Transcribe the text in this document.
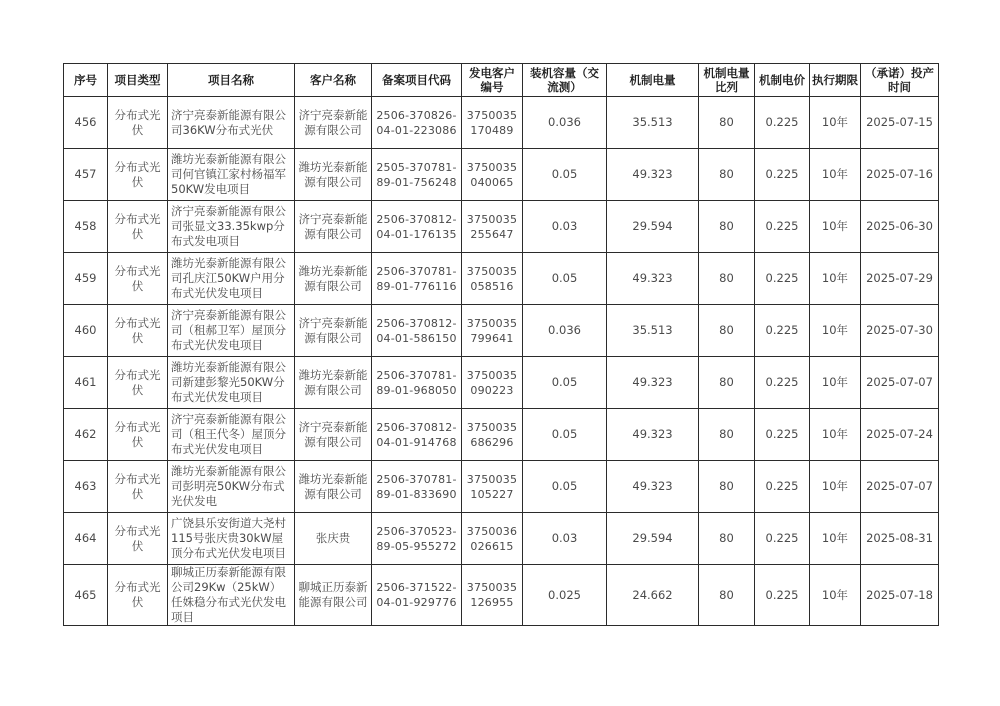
序号	项目类型	项目名称	客户名称	备案项目代码	发电客户编号	装机容量（交流测）	机制电量	机制电量比列	机制电价	执行期限	（承诺）投产时间
456	分布式光伏	济宁亮泰新能源有限公司36KW分布式光伏	济宁亮泰新能源有限公司	2506-370826-04-01-223086	3750035170489	0.036	35.513	80	0.225	10年	2025-07-15
457	分布式光伏	潍坊光泰新能源有限公司何官镇江家村杨福军50KW发电项目	潍坊光泰新能源有限公司	2505-370781-89-01-756248	3750035040065	0.05	49.323	80	0.225	10年	2025-07-16
458	分布式光伏	济宁亮泰新能源有限公司张显文33.35kwp分布式发电项目	济宁亮泰新能源有限公司	2506-370812-04-01-176135	3750035255647	0.03	29.594	80	0.225	10年	2025-06-30
459	分布式光伏	潍坊光泰新能源有限公司孔庆江50KW户用分布式光伏发电项目	潍坊光泰新能源有限公司	2506-370781-89-01-776116	3750035058516	0.05	49.323	80	0.225	10年	2025-07-29
460	分布式光伏	济宁亮泰新能源有限公司（租郝卫军）屋顶分布式光伏发电项目	济宁亮泰新能源有限公司	2506-370812-04-01-586150	3750035799641	0.036	35.513	80	0.225	10年	2025-07-30
461	分布式光伏	潍坊光泰新能源有限公司新建彭黎光50KW分布式光伏发电项目	潍坊光泰新能源有限公司	2506-370781-89-01-968050	3750035090223	0.05	49.323	80	0.225	10年	2025-07-07
462	分布式光伏	济宁亮泰新能源有限公司（租王代冬）屋顶分布式光伏发电项目	济宁亮泰新能源有限公司	2506-370812-04-01-914768	3750035686296	0.05	49.323	80	0.225	10年	2025-07-24
463	分布式光伏	潍坊光泰新能源有限公司彭明亮50KW分布式光伏发电	潍坊光泰新能源有限公司	2506-370781-89-01-833690	3750035105227	0.05	49.323	80	0.225	10年	2025-07-07
464	分布式光伏	广饶县乐安街道大尧村115号张庆贵30kW屋顶分布式光伏发电项目	张庆贵	2506-370523-89-05-955272	3750036026615	0.03	29.594	80	0.225	10年	2025-08-31
465	分布式光伏	聊城正历泰新能源有限公司29Kw（25kW）任姝稳分布式光伏发电项目	聊城正历泰新能源有限公司	2506-371522-04-01-929776	3750035126955	0.025	24.662	80	0.225	10年	2025-07-18
